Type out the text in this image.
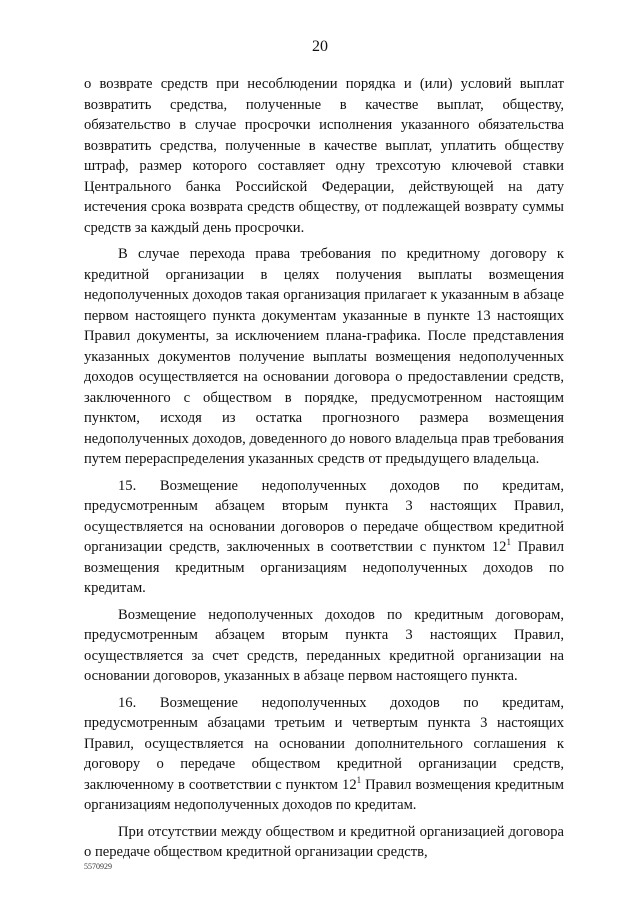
20

о возврате средств при несоблюдении порядка и (или) условий выплат возвратить средства, полученные в качестве выплат, обществу, обязательство в случае просрочки исполнения указанного обязательства возвратить средства, полученные в качестве выплат, уплатить обществу штраф, размер которого составляет одну трехсотую ключевой ставки Центрального банка Российской Федерации, действующей на дату истечения срока возврата средств обществу, от подлежащей возврату суммы средств за каждый день просрочки.

В случае перехода права требования по кредитному договору к кредитной организации в целях получения выплаты возмещения недополученных доходов такая организация прилагает к указанным в абзаце первом настоящего пункта документам указанные в пункте 13 настоящих Правил документы, за исключением плана-графика. После представления указанных документов получение выплаты возмещения недополученных доходов осуществляется на основании договора о предоставлении средств, заключенного с обществом в порядке, предусмотренном настоящим пунктом, исходя из остатка прогнозного размера возмещения недополученных доходов, доведенного до нового владельца прав требования путем перераспределения указанных средств от предыдущего владельца.

15. Возмещение недополученных доходов по кредитам, предусмотренным абзацем вторым пункта 3 настоящих Правил, осуществляется на основании договоров о передаче обществом кредитной организации средств, заключенных в соответствии с пунктом $12^1$ Правил возмещения кредитным организациям недополученных доходов по кредитам.

Возмещение недополученных доходов по кредитным договорам, предусмотренным абзацем вторым пункта 3 настоящих Правил, осуществляется за счет средств, переданных кредитной организации на основании договоров, указанных в абзаце первом настоящего пункта.

16. Возмещение недополученных доходов по кредитам, предусмотренным абзацами третьим и четвертым пункта 3 настоящих Правил, осуществляется на основании дополнительного соглашения к договору о передаче обществом кредитной организации средств, заключенному в соответствии с пунктом $12^1$ Правил возмещения кредитным организациям недополученных доходов по кредитам.

При отсутствии между обществом и кредитной организацией договора о передаче обществом кредитной организации средств,

5570929
